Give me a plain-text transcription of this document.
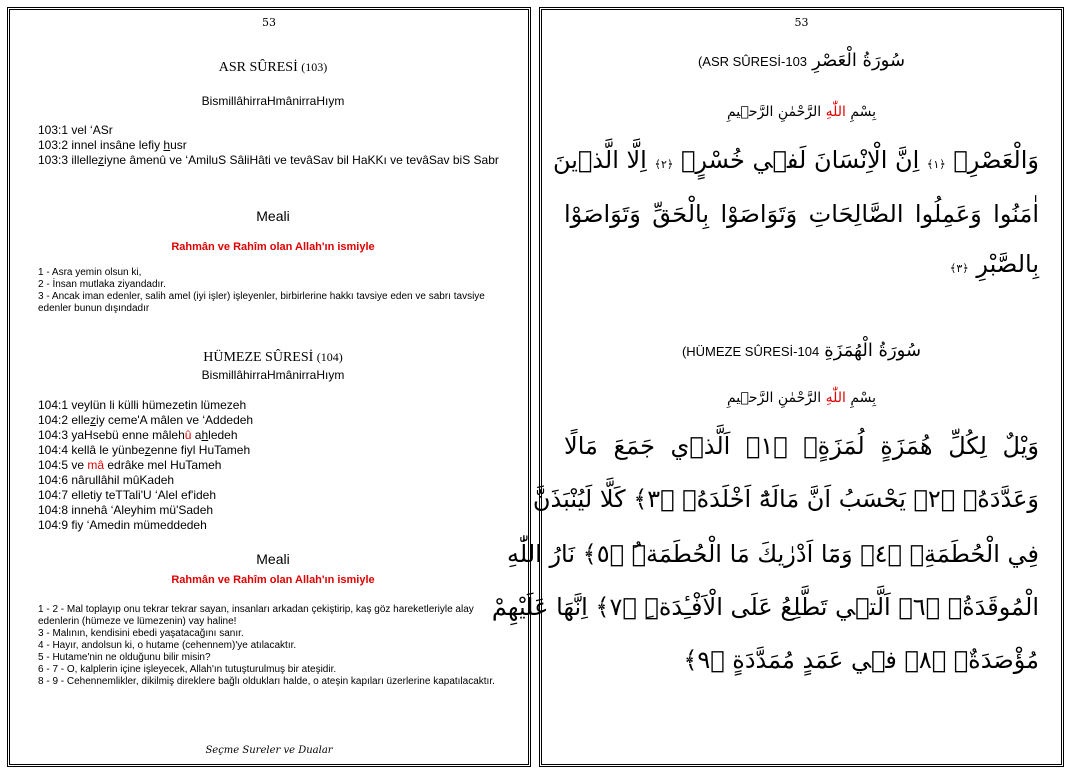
53
ASR SÛRESİ (103)
BismillâhirraHmânirraHıym
103:1 vel ‘ASr
103:2 innel insâne lefiy husr
103:3 illelleziyne âmenû ve ‘AmiluS SâliHâti ve tevâSav bil HaKKı ve tevâSav biS Sabr
Meali
Rahmân ve Rahîm olan Allah'ın ismiyle
1 - Asra yemin olsun ki,
2 - İnsan mutlaka ziyandadır.
3 - Ancak iman edenler, salih amel (iyi işler) işleyenler, birbirlerine hakkı tavsiye eden ve sabrı tavsiye edenler bunun dışındadır
HÜMEZE SÛRESİ (104)
BismillâhirraHmânirraHıym
104:1 veylün li külli hümezetin lümezeh
104:2 elleziy ceme'A mâlen ve ‘Addedeh
104:3 yaHsebü enne mâlehû ahledeh
104:4 kellâ le yünbezenne fiyl HuTameh
104:5 ve mâ edrâke mel HuTameh
104:6 nârullâhil mûKadeh
104:7 elletiy teTTali'U ‘Alel ef'ideh
104:8 innehâ ‘Aleyhim mü'Sadeh
104:9 fiy ‘Amedin mümeddedeh
Meali
Rahmân ve Rahîm olan Allah'ın ismiyle
1 - 2 - Mal toplayıp onu tekrar tekrar sayan, insanları arkadan çekiştirip, kaş göz hareketleriyle alay edenlerin (hümeze ve lümezenin) vay haline!
3 - Malının, kendisini ebedi yaşatacağını sanır.
4 - Hayır, andolsun ki, o hutame (cehennem)'ye atılacaktır.
5 - Hutame'nin ne olduğunu bilir misin?
6 - 7 - O, kalplerin içine işleyecek, Allah'ın tutuşturulmuş bir ateşidir.
8 - 9 - Cehennemlikler, dikilmiş direklere bağlı oldukları halde, o ateşin kapıları üzerlerine kapatılacaktır.
Seçme Sureler ve Dualar
53
(ASR SÛRESİ-103 سُورَةُ الْعَصْرِ
بِسْمِ اللّٰهِ الرَّحْمٰنِ الرَّح۪يمِ
وَالْعَصْرِۙ ﴿١﴾ اِنَّ الْاِنْسَانَ لَف۪ي خُسْرٍۙ ﴿٢﴾ اِلَّا الَّذ۪ينَ
اٰمَنُوا وَعَمِلُوا الصَّالِحَاتِ وَتَوَاصَوْا بِالْحَقِّ وَتَوَاصَوْا
بِالصَّبْرِ ﴿٣﴾
(HÜMEZE SÛRESİ-104 سُورَةُ الْهُمَزَةِ
بِسْمِ اللّٰهِ الرَّحْمٰنِ الرَّح۪يمِ
وَيْلٌ لِكُلِّ هُمَزَةٍ لُمَزَةٍۙ ﴿١﴾ اَلَّذ۪ي جَمَعَ مَالًا
وَعَدَّدَهُۙ ﴿٢﴾ يَحْسَبُ اَنَّ مَالَهُٓ اَخْلَدَهُۚ ﴿٣﴾ كَلَّا لَيُنْبَذَنَّ
فِي الْحُطَمَةِۘ ﴿٤﴾ وَمَٓا اَدْرٰيكَ مَا الْحُطَمَةُۜ ﴿٥﴾ نَارُ اللّٰهِ
الْمُوقَدَةُۙ ﴿٦﴾ اَلَّت۪ي تَطَّلِعُ عَلَى الْاَفْـِٔدَةِۜ ﴿٧﴾ اِنَّهَا عَلَيْهِمْ
مُؤْصَدَةٌۙ ﴿٨﴾ ف۪ي عَمَدٍ مُمَدَّدَةٍ ﴿٩﴾
